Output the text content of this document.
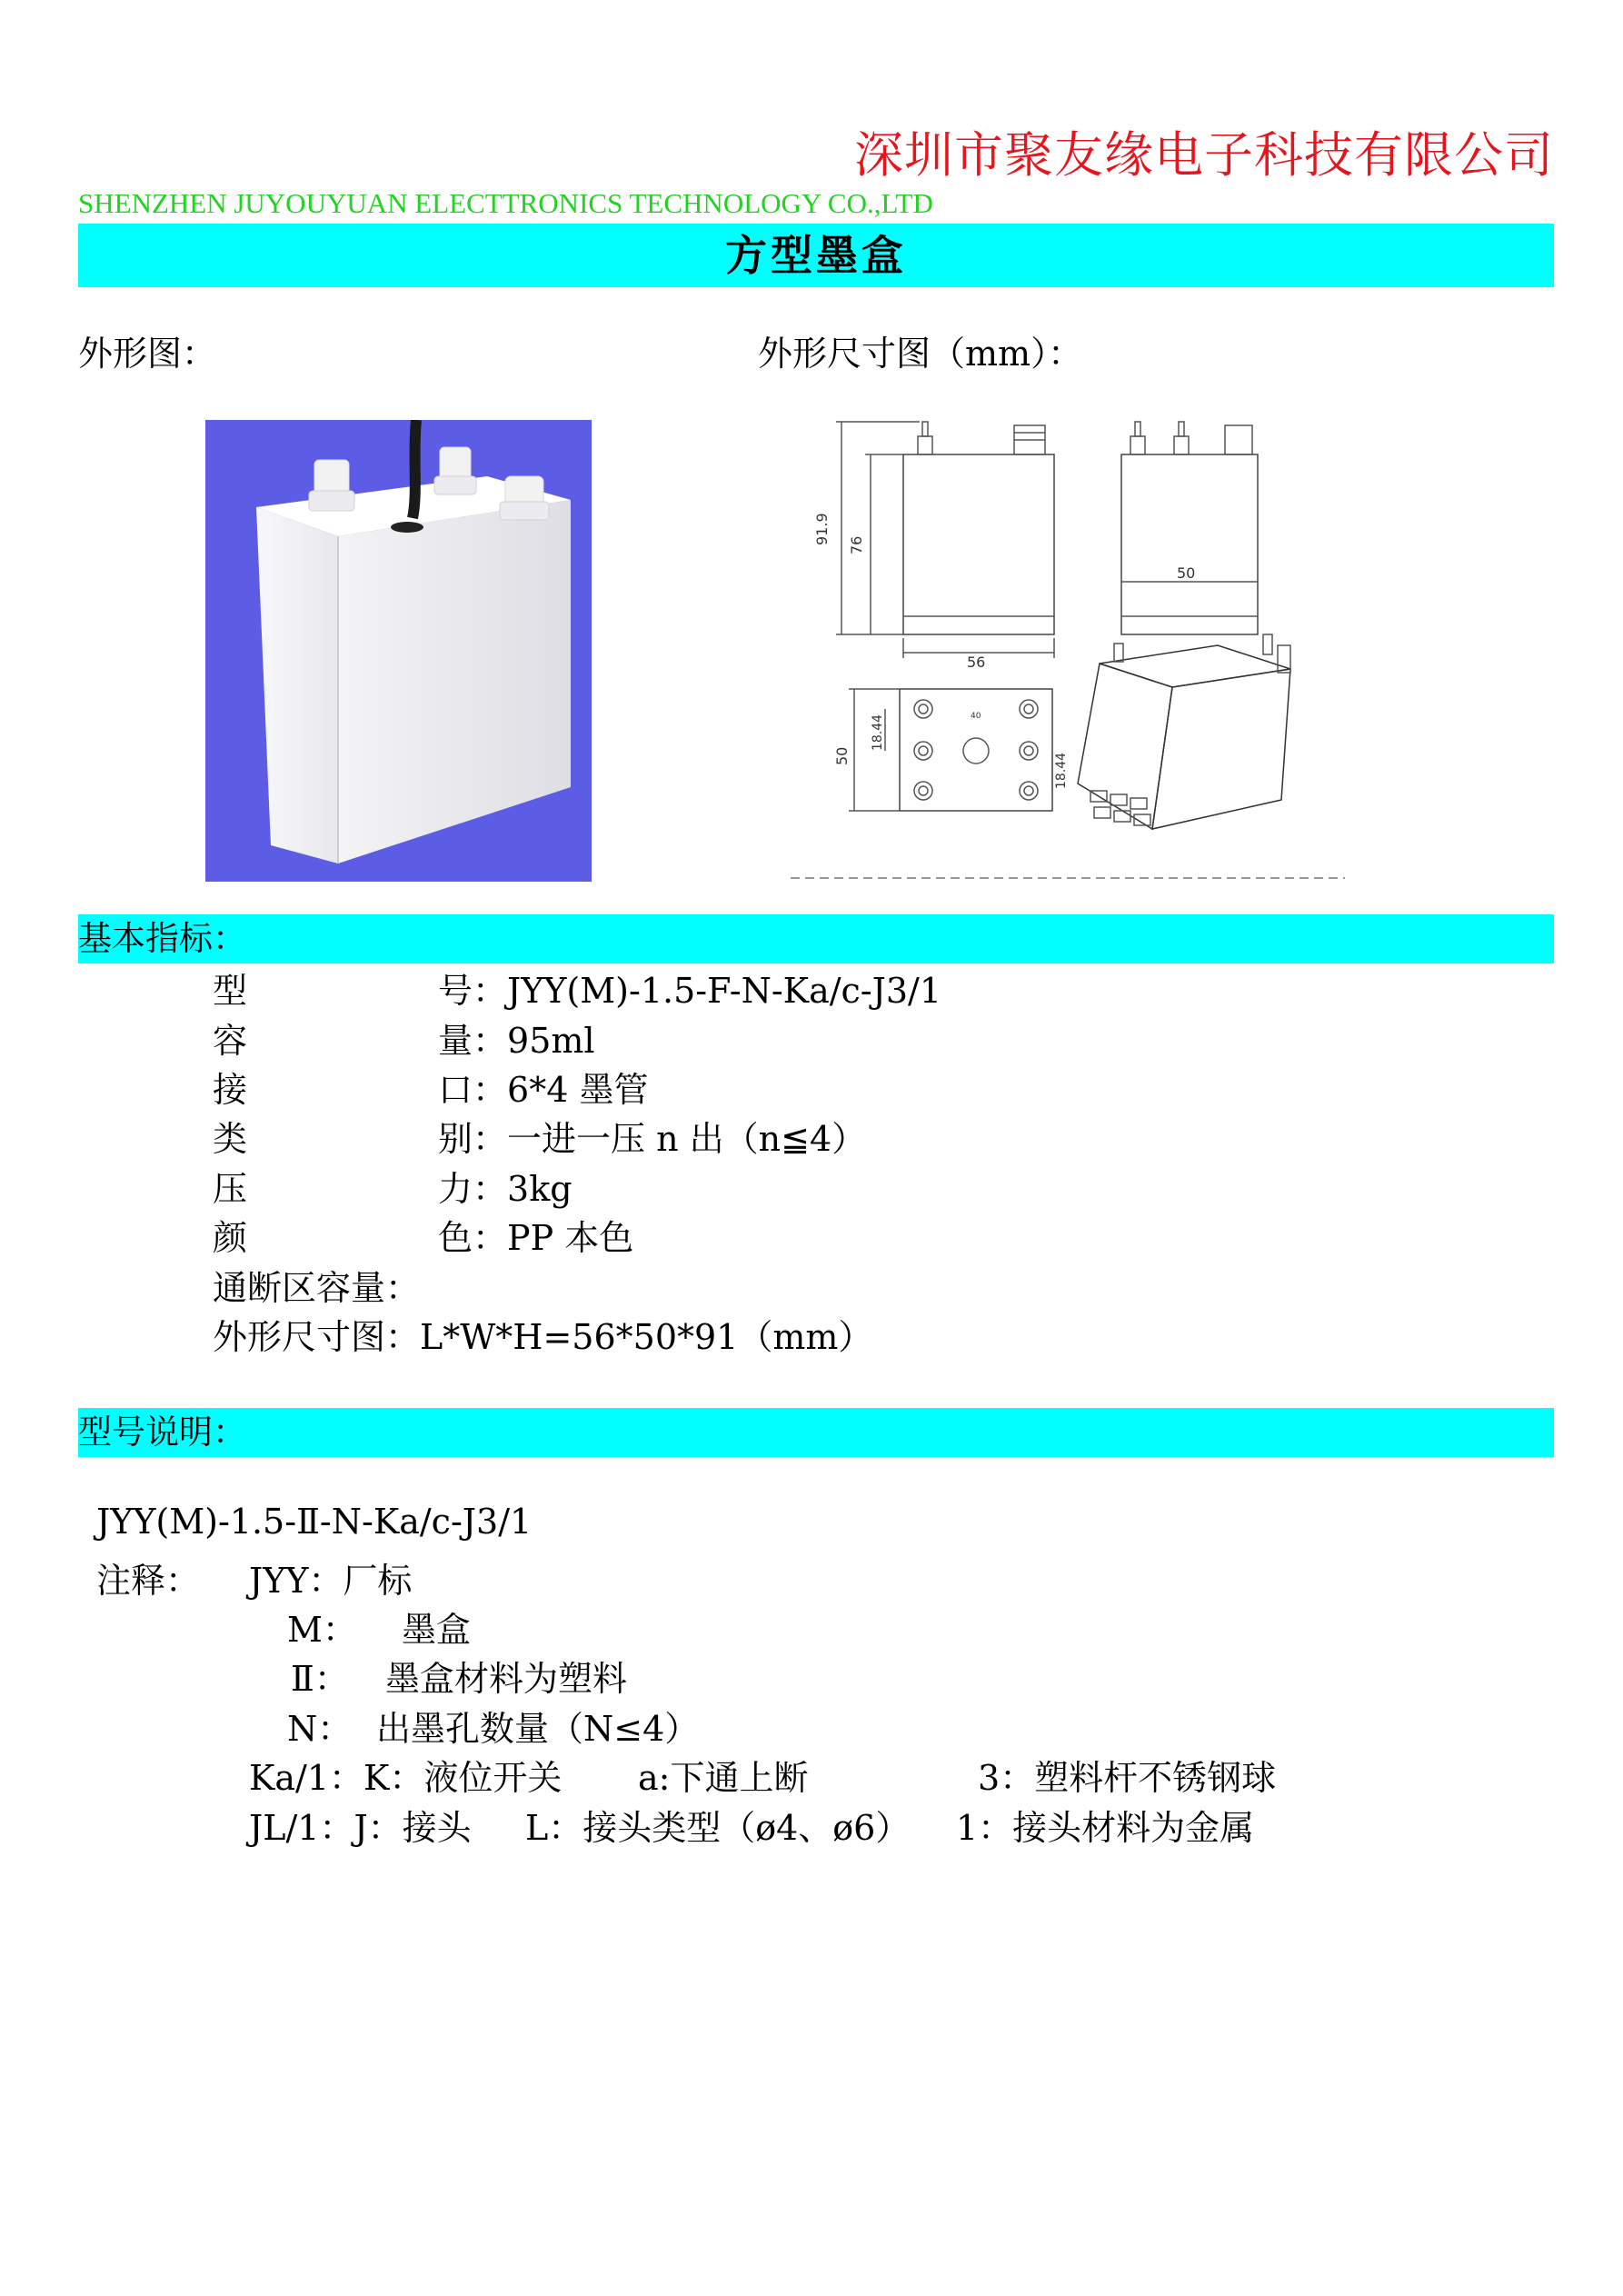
深圳市聚友缘电子科技有限公司
SHENZHEN JUYOUYUAN ELECTTRONICS TECHNOLOGY CO.,LTD
方型墨盒
外形图：	外形尺寸图（mm）：
91.9 76
56
50
50
18.44
18.44
40
基本指标：
型	号：JYY(M)-1.5-F-N-Ka/c-J3/1
容	量：95ml
接	口：6*4 墨管
类	别：一进一压 n 出（n≦4）
压	力：3kg
颜	色：PP 本色
通断区容量：
外形尺寸图：L*W*H=56*50*91（mm）
型号说明：
JYY(M)-1.5-Ⅱ-N-Ka/c-J3/1
注释： JYY：厂标
M： 墨盒
Ⅱ： 墨盒材料为塑料
N： 出墨孔数量（N≤4）
Ka/1：K：液位开关 a:下通上断	3：塑料杆不锈钢球
JL/1：J：接头 L：接头类型（ø4、ø6） 1：接头材料为金属
